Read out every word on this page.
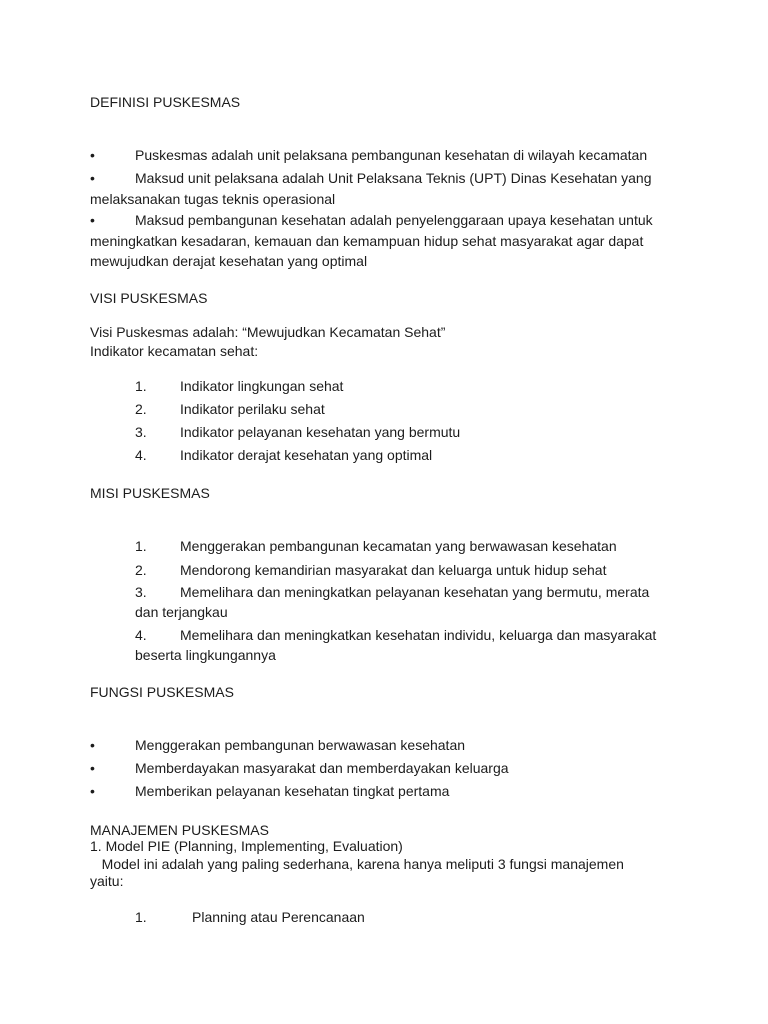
DEFINISI PUSKESMAS

•	Puskesmas adalah unit pelaksana pembangunan kesehatan di wilayah kecamatan
•	Maksud unit pelaksana adalah Unit Pelaksana Teknis (UPT) Dinas Kesehatan yang
melaksanakan tugas teknis operasional
•	Maksud pembangunan kesehatan adalah penyelenggaraan upaya kesehatan untuk
meningkatkan kesadaran, kemauan dan kemampuan hidup sehat masyarakat agar dapat
mewujudkan derajat kesehatan yang optimal

VISI PUSKESMAS

Visi Puskesmas adalah: “Mewujudkan Kecamatan Sehat”

Indikator kecamatan sehat:

1. Indikator lingkungan sehat
2. Indikator perilaku sehat
3. Indikator pelayanan kesehatan yang bermutu
4. Indikator derajat kesehatan yang optimal

MISI PUSKESMAS

1. Menggerakan pembangunan kecamatan yang berwawasan kesehatan
2. Mendorong kemandirian masyarakat dan keluarga untuk hidup sehat
3. Memelihara dan meningkatkan pelayanan kesehatan yang bermutu, merata
dan terjangkau
4. Memelihara dan meningkatkan kesehatan individu, keluarga dan masyarakat
beserta lingkungannya

FUNGSI PUSKESMAS

•	Menggerakan pembangunan berwawasan kesehatan
•	Memberdayakan masyarakat dan memberdayakan keluarga
•	Memberikan pelayanan kesehatan tingkat pertama

MANAJEMEN PUSKESMAS

1. Model PIE (Planning, Implementing, Evaluation)

Model ini adalah yang paling sederhana, karena hanya meliputi 3 fungsi manajemen

yaitu:

1.	Planning atau Perencanaan
